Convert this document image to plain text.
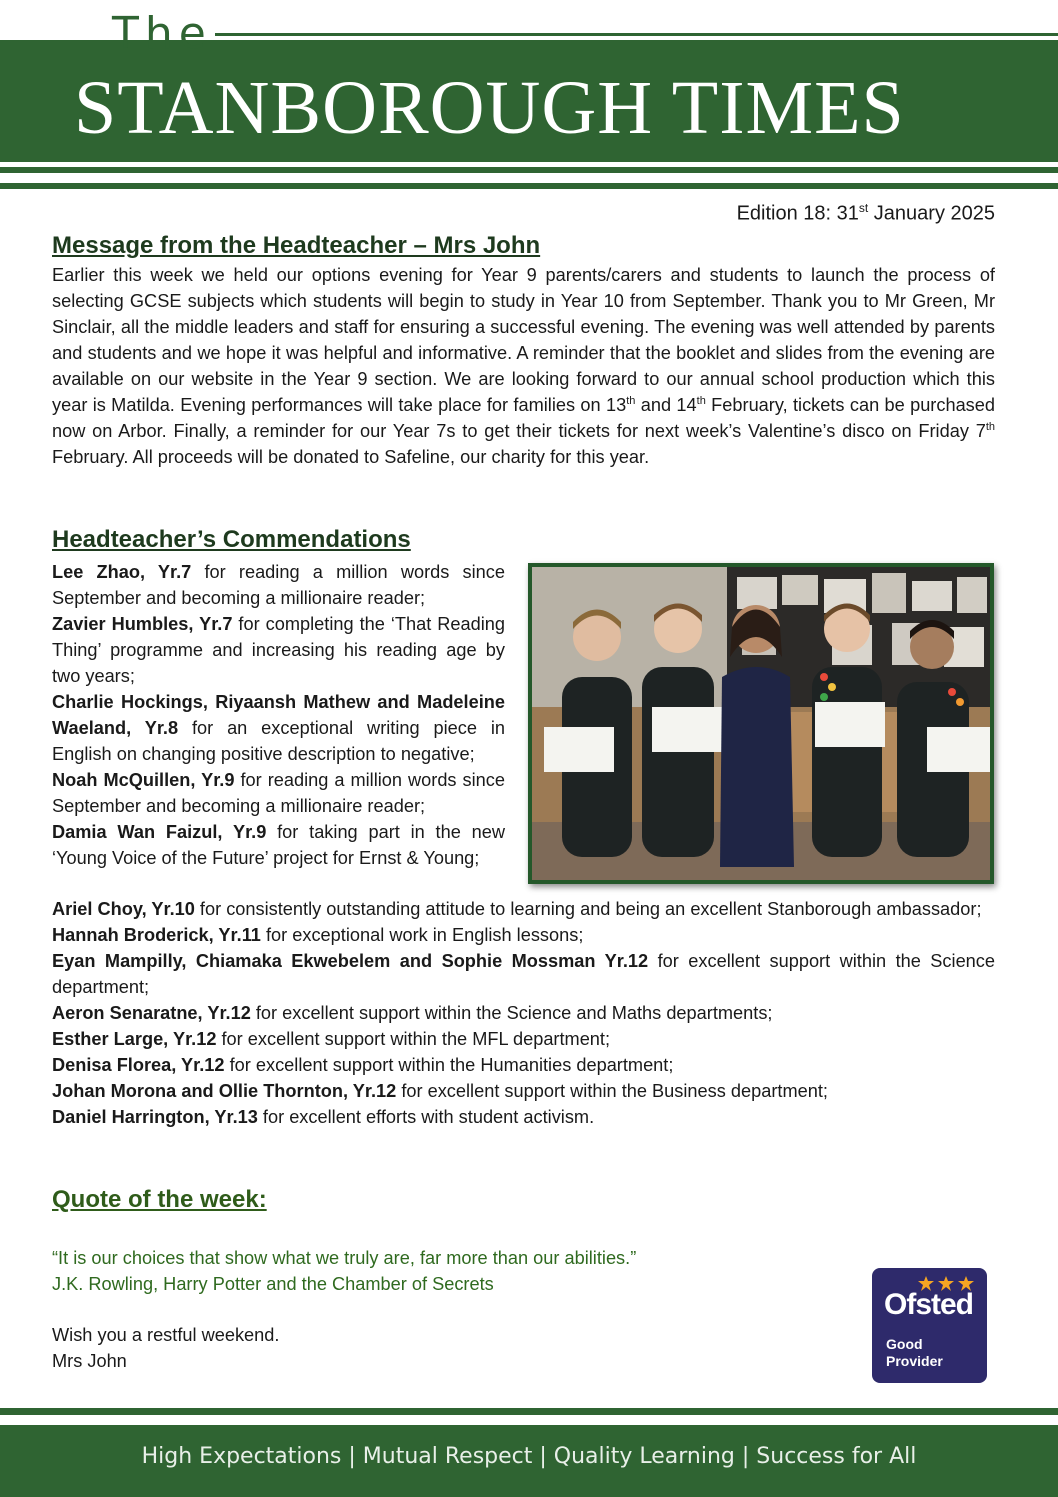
The
STANBOROUGH TIMES
Edition 18: 31st January 2025
Message from the Headteacher – Mrs John

Earlier this week we held our options evening for Year 9 parents/carers and students to launch the process of selecting GCSE subjects which students will begin to study in Year 10 from September. Thank you to Mr Green, Mr Sinclair, all the middle leaders and staff for ensuring a successful evening. The evening was well attended by parents and students and we hope it was helpful and informative. A reminder that the booklet and slides from the evening are available on our website in the Year 9 section. We are looking forward to our annual school production which this year is Matilda. Evening performances will take place for families on 13th and 14th February, tickets can be purchased now on Arbor. Finally, a reminder for our Year 7s to get their tickets for next week’s Valentine’s disco on Friday 7th February. All proceeds will be donated to Safeline, our charity for this year.

Headteacher’s Commendations

Lee Zhao, Yr.7 for reading a million words since September and becoming a millionaire reader;

Zavier Humbles, Yr.7 for completing the ‘That Reading Thing’ programme and increasing his reading age by two years;

Charlie Hockings, Riyaansh Mathew and Madeleine Waeland, Yr.8 for an exceptional writing piece in English on changing positive description to negative;

Noah McQuillen, Yr.9 for reading a million words since September and becoming a millionaire reader;

Damia Wan Faizul, Yr.9 for taking part in the new ‘Young Voice of the Future’ project for Ernst & Young;

Ariel Choy, Yr.10 for consistently outstanding attitude to learning and being an excellent Stanborough ambassador;

Hannah Broderick, Yr.11 for exceptional work in English lessons;

Eyan Mampilly, Chiamaka Ekwebelem and Sophie Mossman Yr.12 for excellent support within the Science department;

Aeron Senaratne, Yr.12 for excellent support within the Science and Maths departments;

Esther Large, Yr.12 for excellent support within the MFL department;

Denisa Florea, Yr.12 for excellent support within the Humanities department;

Johan Morona and Ollie Thornton, Yr.12 for excellent support within the Business department;

Daniel Harrington, Yr.13 for excellent efforts with student activism.

Quote of the week:
“It is our choices that show what we truly are, far more than our abilities.”
J.K. Rowling, Harry Potter and the Chamber of Secrets
Wish you a restful weekend.
Mrs John
Ofsted
Good
Provider
High Expectations | Mutual Respect | Quality Learning | Success for All
